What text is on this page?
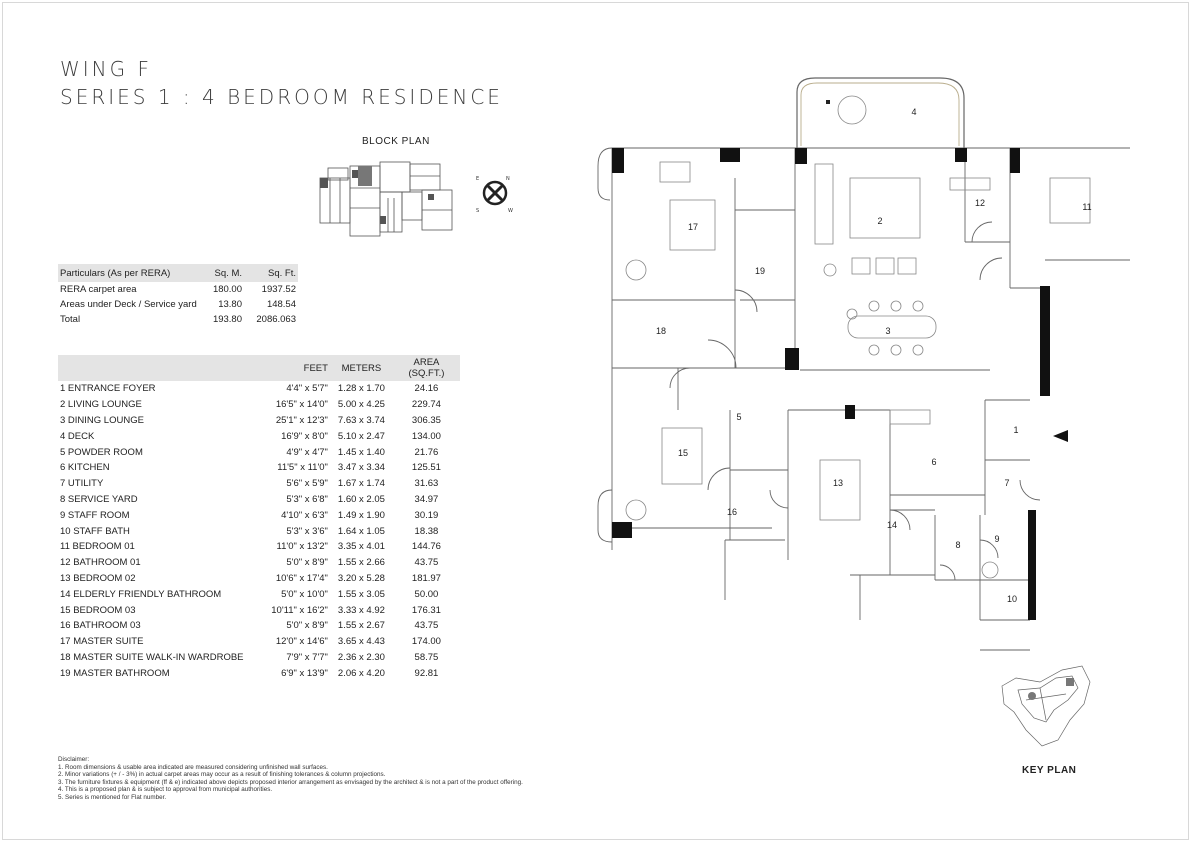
WING F
SERIES 1 : 4 BEDROOM RESIDENCE
BLOCK PLAN
N
E
W
S
Particulars (As per RERA)	Sq. M.	Sq. Ft.
RERA carpet area	180.00	1937.52
Areas under Deck / Service yard	13.80	148.54
Total	193.80	2086.063
	FEET	METERS	AREA (SQ.FT.)
1 ENTRANCE FOYER	4'4" x 5'7"	1.28 x 1.70	24.16
2 LIVING LOUNGE	16'5" x 14'0"	5.00 x 4.25	229.74
3 DINING LOUNGE	25'1" x 12'3"	7.63 x 3.74	306.35
4 DECK	16'9" x 8'0"	5.10 x 2.47	134.00
5 POWDER ROOM	4'9" x 4'7"	1.45 x 1.40	21.76
6 KITCHEN	11'5" x 11'0"	3.47 x 3.34	125.51
7 UTILITY	5'6" x 5'9"	1.67 x 1.74	31.63
8 SERVICE YARD	5'3" x 6'8"	1.60 x 2.05	34.97
9 STAFF ROOM	4'10" x 6'3"	1.49 x 1.90	30.19
10 STAFF BATH	5'3" x 3'6"	1.64 x 1.05	18.38
11 BEDROOM 01	11'0" x 13'2"	3.35 x 4.01	144.76
12 BATHROOM 01	5'0" x 8'9"	1.55 x 2.66	43.75
13 BEDROOM 02	10'6" x 17'4"	3.20 x 5.28	181.97
14 ELDERLY FRIENDLY BATHROOM	5'0" x 10'0"	1.55 x 3.05	50.00
15 BEDROOM 03	10'11" x 16'2"	3.33 x 4.92	176.31
16 BATHROOM 03	5'0" x 8'9"	1.55 x 2.67	43.75
17 MASTER SUITE	12'0" x 14'6"	3.65 x 4.43	174.00
18 MASTER SUITE WALK-IN WARDROBE	7'9" x 7'7"	2.36 x 2.30	58.75
19 MASTER BATHROOM	6'9" x 13'9"	2.06 x 4.20	92.81
Disclaimer:
1. Room dimensions & usable area indicated are measured considering unfinished wall surfaces.
2. Minor variations (+ / - 3%) in actual carpet areas may occur as a result of finishing tolerances & column projections.
3. The furniture fixtures & equipment (ff & e) indicated above depicts proposed interior arrangement as envisaged by the architect & is not a part of the product offering.
4. This is a proposed plan & is subject to approval from municipal authorities.
5. Series is mentioned for Flat number.
1
2
3
4
5
6
7
8
9
10
11
12
13
14
15
16
17
18
19
KEY PLAN
